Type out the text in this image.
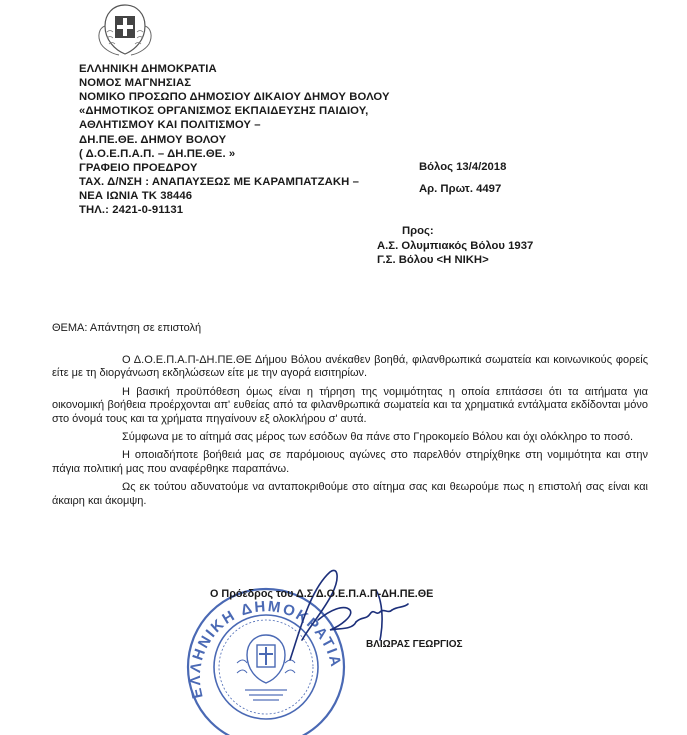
ΕΛΛΗΝΙΚΗ ΔΗΜΟΚΡΑΤΙΑ
ΝΟΜΟΣ ΜΑΓΝΗΣΙΑΣ
ΝΟΜΙΚΟ ΠΡΟΣΩΠΟ ΔΗΜΟΣΙΟΥ ΔΙΚΑΙΟΥ ΔΗΜΟΥ ΒΟΛΟΥ
«ΔΗΜΟΤΙΚΟΣ ΟΡΓΑΝΙΣΜΟΣ ΕΚΠΑΙΔΕΥΣΗΣ ΠΑΙΔΙΟΥ,
ΑΘΛΗΤΙΣΜΟΥ ΚΑΙ ΠΟΛΙΤΙΣΜΟΥ –
ΔΗ.ΠΕ.ΘΕ. ΔΗΜΟΥ ΒΟΛΟΥ
( Δ.Ο.Ε.Π.Α.Π. – ΔΗ.ΠΕ.ΘΕ. »
ΓΡΑΦΕΙΟ ΠΡΟΕΔΡΟΥ
ΤΑΧ. Δ/ΝΣΗ : ΑΝΑΠΑΥΣΕΩΣ ΜΕ ΚΑΡΑΜΠΑΤΖΑΚΗ –
ΝΕΑ ΙΩΝΙΑ ΤΚ 38446
ΤΗΛ.: 2421-0-91131
Βόλος 13/4/2018
Αρ. Πρωτ. 4497
Προς:
Α.Σ. Ολυμπιακός Βόλου 1937
Γ.Σ. Βόλου <Η ΝΙΚΗ>
ΘΕΜΑ: Απάντηση σε επιστολή

Ο Δ.Ο.Ε.Π.Α.Π-ΔΗ.ΠΕ.ΘΕ Δήμου Βόλου ανέκαθεν βοηθά, φιλανθρωπικά σωματεία και κοινωνικούς φορείς είτε με τη διοργάνωση εκδηλώσεων είτε με την αγορά εισιτηρίων.

Η βασική προϋπόθεση όμως είναι η τήρηση της νομιμότητας η οποία επιτάσσει ότι τα αιτήματα για οικονομική βοήθεια προέρχονται απ' ευθείας από τα φιλανθρωπικά σωματεία και τα χρηματικά εντάλματα εκδίδονται μόνο στο όνομά τους και τα χρήματα πηγαίνουν εξ ολοκλήρου σ' αυτά.

Σύμφωνα με το αίτημά σας μέρος των εσόδων θα πάνε στο Γηροκομείο Βόλου και όχι ολόκληρο το ποσό.

Η οποιαδήποτε βοήθειά μας σε παρόμοιους αγώνες στο παρελθόν στηρίχθηκε στη νομιμότητα και στην πάγια πολιτική μας που αναφέρθηκε παραπάνω.

Ως εκ τούτου αδυνατούμε να ανταποκριθούμε στο αίτημα σας και θεωρούμε πως η επιστολή σας είναι και άκαιρη και άκομψη.

ΕΛΛΗΝΙΚΗ ΔΗΜΟΚΡΑΤΙΑ
Ο Πρόεδρος του Δ.Σ Δ.Ο.Ε.Π.Α.Π-ΔΗ.ΠΕ.ΘΕ
ΒΛΙΩΡΑΣ ΓΕΩΡΓΙΟΣ
